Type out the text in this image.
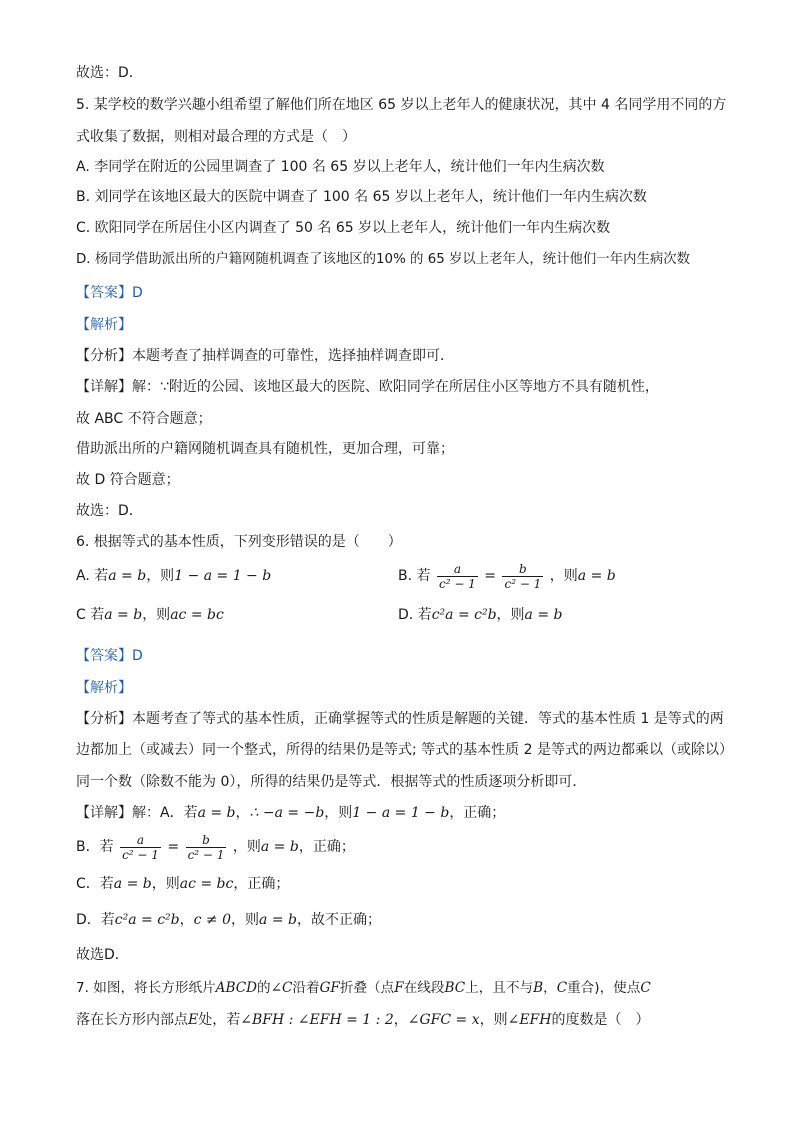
故选：D．
5. 某学校的数学兴趣小组希望了解他们所在地区 65 岁以上老年人的健康状况，其中 4 名同学用不同的方
式收集了数据，则相对最合理的方式是（　）
A. 李同学在附近的公园里调查了 100 名 65 岁以上老年人，统计他们一年内生病次数
B. 刘同学在该地区最大的医院中调查了 100 名 65 岁以上老年人，统计他们一年内生病次数
C. 欧阳同学在所居住小区内调查了 50 名 65 岁以上老年人，统计他们一年内生病次数
D. 杨同学借助派出所的户籍网随机调查了该地区的10% 的 65 岁以上老年人，统计他们一年内生病次数
【答案】D
【解析】
【分析】本题考查了抽样调查的可靠性，选择抽样调查即可．
【详解】解：∵附近的公园、该地区最大的医院、欧阳同学在所居住小区等地方不具有随机性，
故 ABC 不符合题意；
借助派出所的户籍网随机调查具有随机性，更加合理，可靠；
故 D 符合题意；
故选：D．
6. 根据等式的基本性质，下列变形错误的是（　　）
A. 若a = b，则1 − a = 1 − b	B. 若 $\frac{a}{\text{c² − 1}} = \frac{b}{\text{c² − 1}}$ ，则a = b
C 若a = b，则ac = bc	D. 若c²a = c²b，则a = b
【答案】D
【解析】
【分析】本题考查了等式的基本性质，正确掌握等式的性质是解题的关键．等式的基本性质 1 是等式的两
边都加上（或减去）同一个整式，所得的结果仍是等式; 等式的基本性质 2 是等式的两边都乘以（或除以）
同一个数（除数不能为 0），所得的结果仍是等式．根据等式的性质逐项分析即可．
【详解】解：A．若a = b，∴ −a = −b，则1 − a = 1 − b，正确；
B．若 $\frac{a}{\text{c² − 1}} = \frac{b}{\text{c² − 1}}$ ，则a = b，正确；
C．若a = b，则ac = bc，正确；
D．若c²a = c²b，c ≠ 0，则a = b，故不正确；
故选D．
7. 如图，将长方形纸片ABCD的∠C沿着GF折叠（点F在线段BC上，且不与B，C重合)，使点C
落在长方形内部点E处，若∠BFH : ∠EFH = 1 : 2，∠GFC = x，则∠EFH的度数是（　）
